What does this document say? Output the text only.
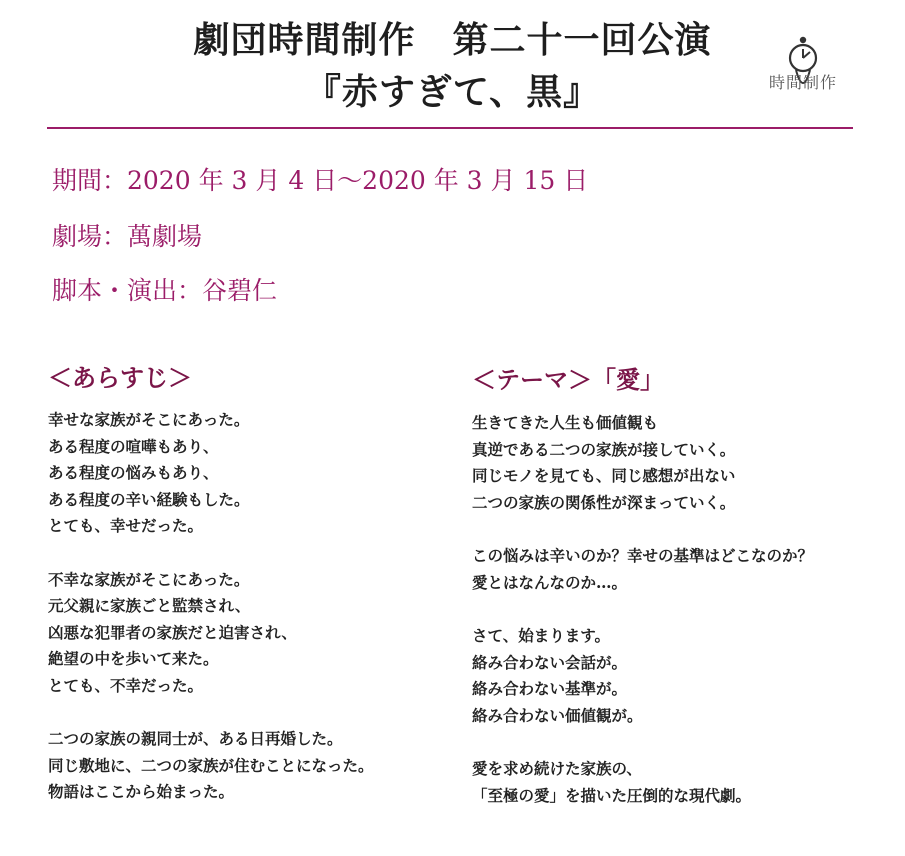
劇団時間制作　第二十一回公演
『赤すぎて、黒』	時間制作
期間：2020 年 3 月 4 日～2020 年 3 月 15 日
劇場：萬劇場
脚本・演出：谷碧仁
＜あらすじ＞	＜テーマ＞「愛」
幸せな家族がそこにあった。
ある程度の喧嘩もあり、
ある程度の悩みもあり、
ある程度の辛い経験もした。
とても、幸せだった。
不幸な家族がそこにあった。
元父親に家族ごと監禁され、
凶悪な犯罪者の家族だと迫害され、
絶望の中を歩いて来た。
とても、不幸だった。
二つの家族の親同士が、ある日再婚した。
同じ敷地に、二つの家族が住むことになった。
物語はここから始まった。
生きてきた人生も価値観も
真逆である二つの家族が接していく。
同じモノを見ても、同じ感想が出ない
二つの家族の関係性が深まっていく。
この悩みは辛いのか？幸せの基準はどこなのか？
愛とはなんなのか…。
さて、始まります。
絡み合わない会話が。
絡み合わない基準が。
絡み合わない価値観が。
愛を求め続けた家族の、
「至極の愛」を描いた圧倒的な現代劇。
